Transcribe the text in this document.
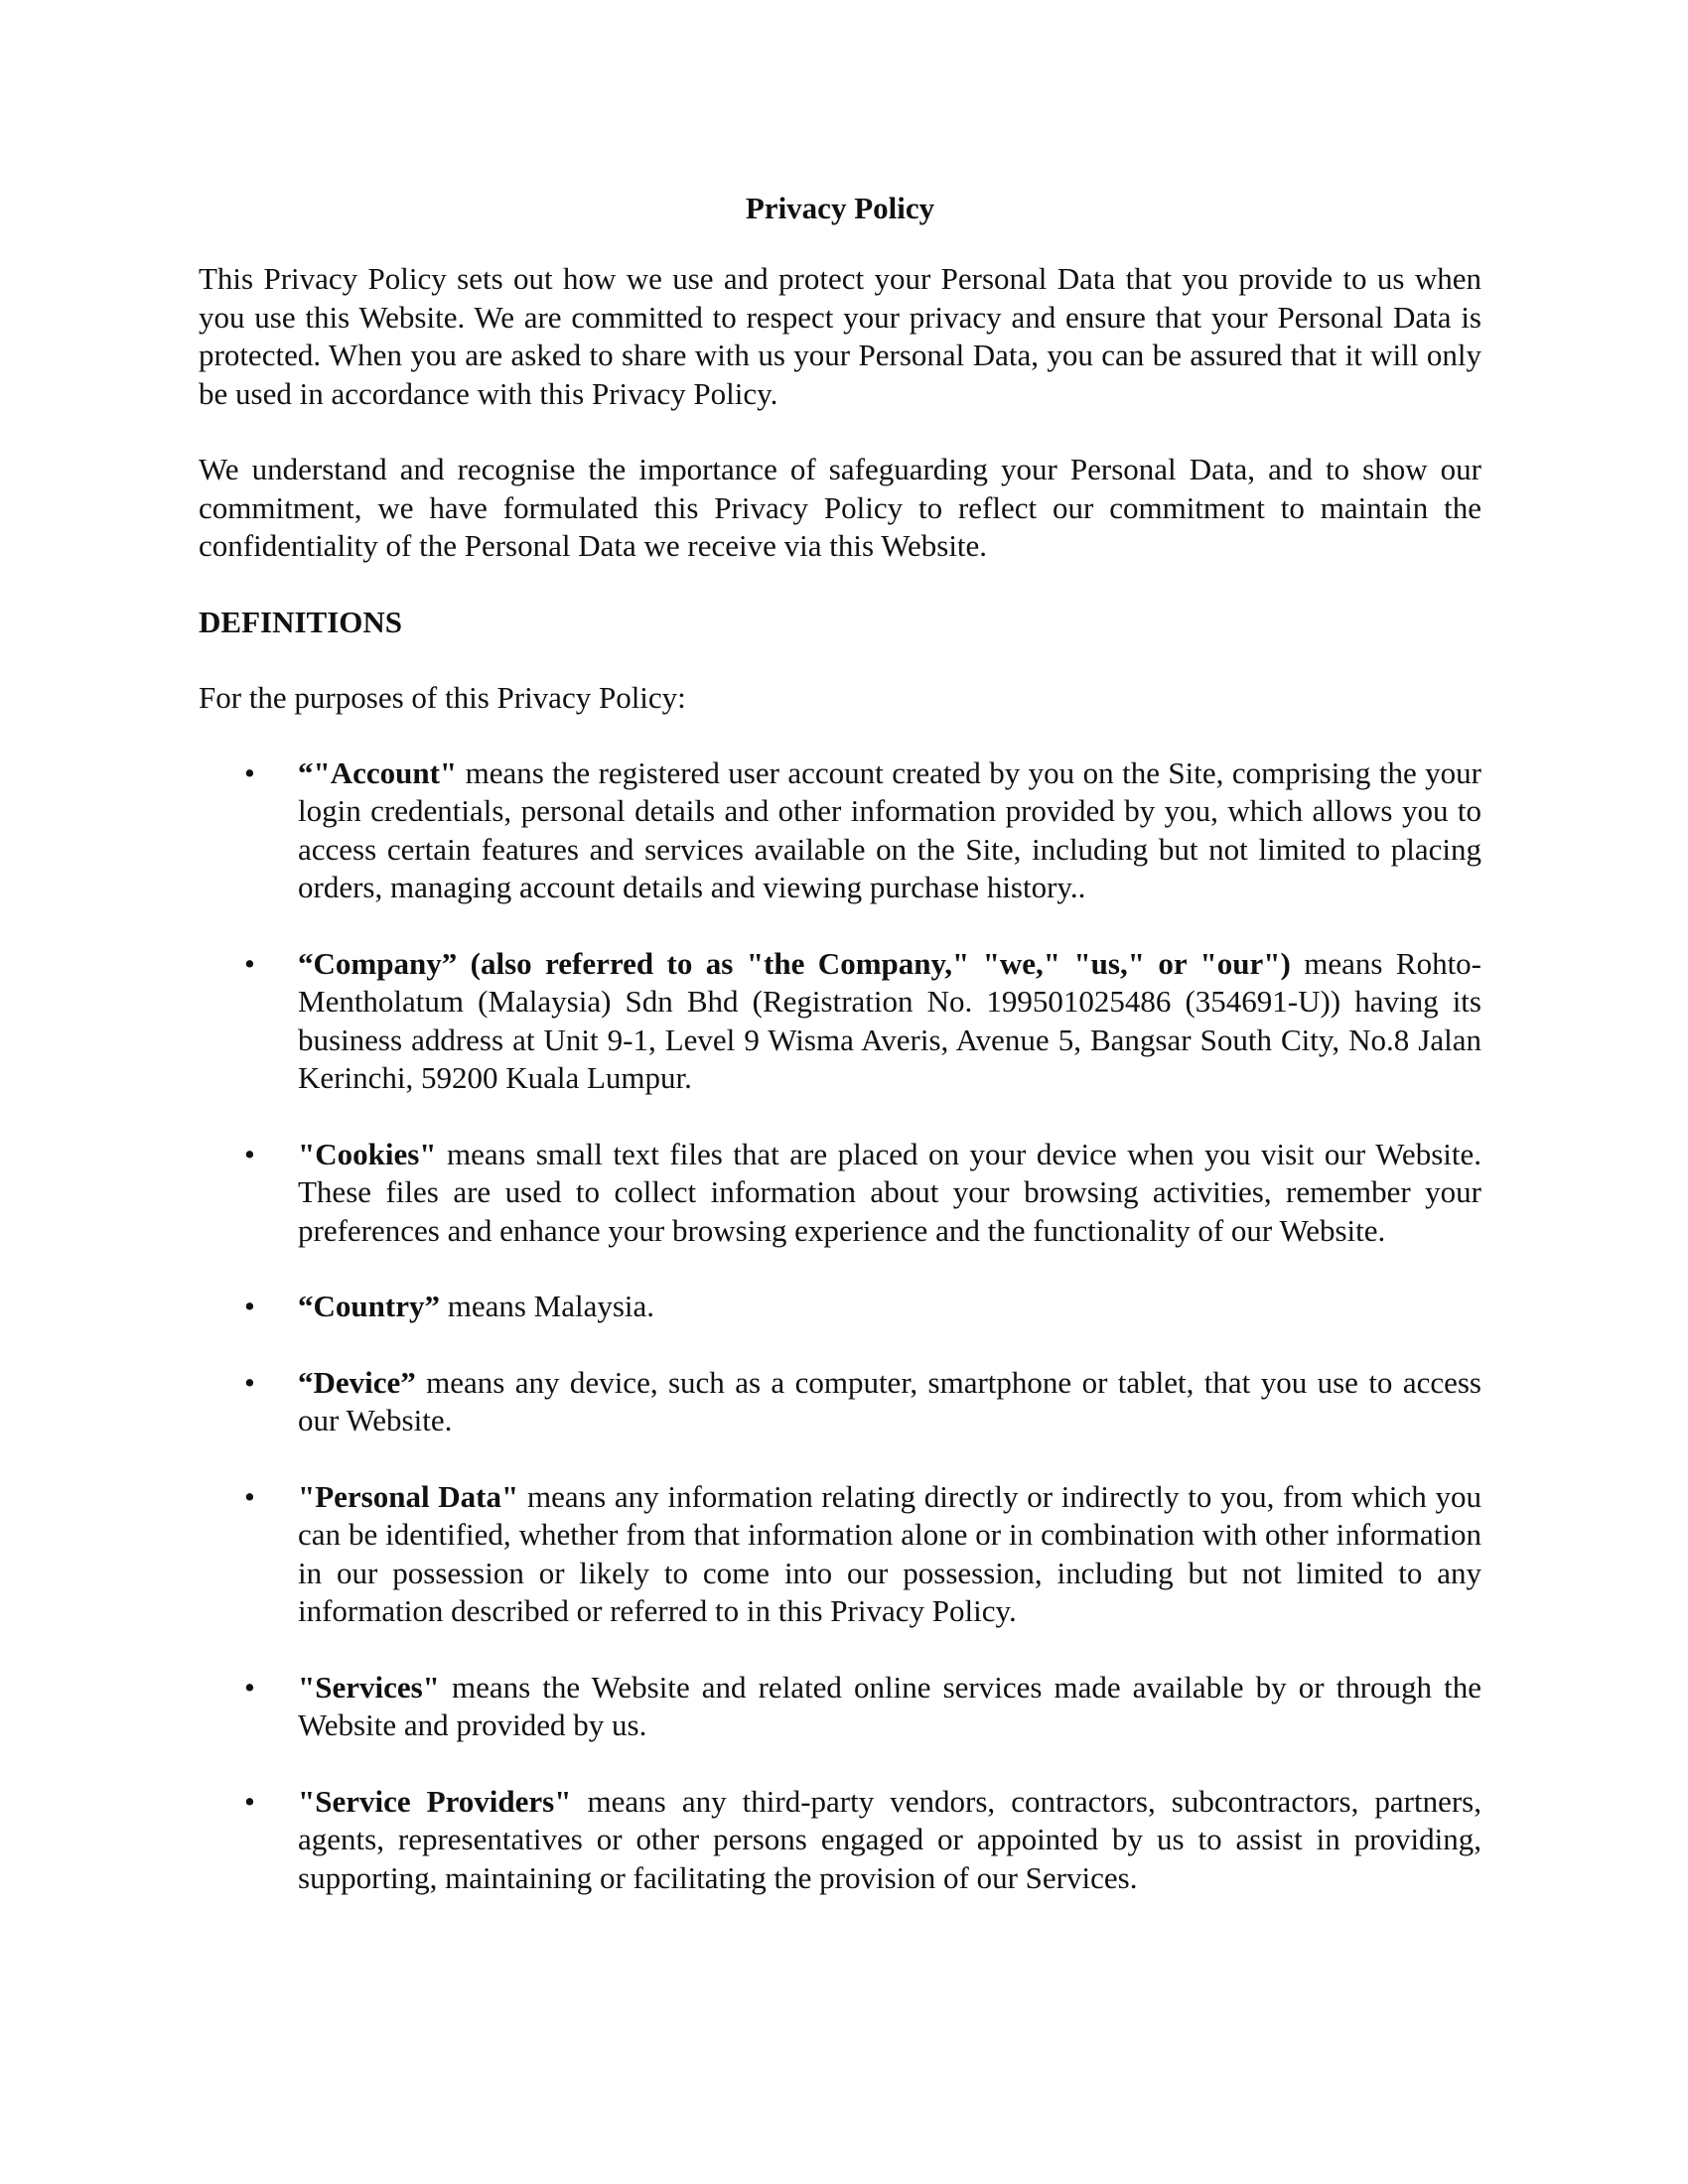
Privacy Policy

This Privacy Policy sets out how we use and protect your Personal Data that you provide to us when you use this Website. We are committed to respect your privacy and ensure that your Personal Data is protected. When you are asked to share with us your Personal Data, you can be assured that it will only be used in accordance with this Privacy Policy.

We understand and recognise the importance of safeguarding your Personal Data, and to show our commitment, we have formulated this Privacy Policy to reflect our commitment to maintain the confidentiality of the Personal Data we receive via this Website.

DEFINITIONS
For the purposes of this Privacy Policy:
• “"Account" means the registered user account created by you on the Site, comprising the your login credentials, personal details and other information provided by you, which allows you to access certain features and services available on the Site, including but not limited to placing orders, managing account details and viewing purchase history..
• “Company” (also referred to as "the Company," "we," "us," or "our") means Rohto-Mentholatum (Malaysia) Sdn Bhd (Registration No. 199501025486 (354691-U)) having its business address at Unit 9-1, Level 9 Wisma Averis, Avenue 5, Bangsar South City, No.8 Jalan Kerinchi, 59200 Kuala Lumpur.
• "Cookies" means small text files that are placed on your device when you visit our Website. These files are used to collect information about your browsing activities, remember your preferences and enhance your browsing experience and the functionality of our Website.
• “Country” means Malaysia.
• “Device” means any device, such as a computer, smartphone or tablet, that you use to access our Website.
• "Personal Data" means any information relating directly or indirectly to you, from which you can be identified, whether from that information alone or in combination with other information in our possession or likely to come into our possession, including but not limited to any information described or referred to in this Privacy Policy.
• "Services" means the Website and related online services made available by or through the Website and provided by us.
• "Service Providers" means any third-party vendors, contractors, subcontractors, partners, agents, representatives or other persons engaged or appointed by us to assist in providing, supporting, maintaining or facilitating the provision of our Services.
